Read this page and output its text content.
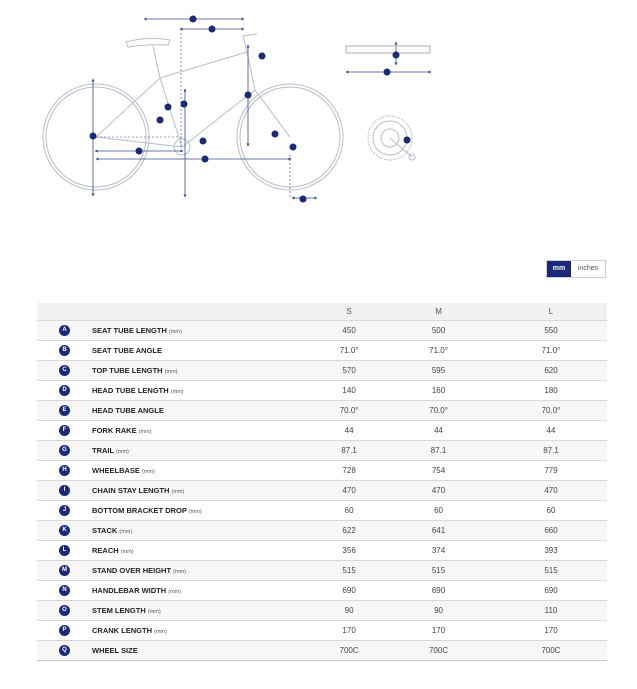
mm	inches
		S	M	L
A	SEAT TUBE LENGTH (mm)	450	500	550
B	SEAT TUBE ANGLE	71.0°	71.0°	71.0°
C	TOP TUBE LENGTH (mm)	570	595	620
D	HEAD TUBE LENGTH (mm)	140	160	180
E	HEAD TUBE ANGLE	70.0°	70.0°	70.0°
F	FORK RAKE (mm)	44	44	44
G	TRAIL (mm)	87.1	87.1	87.1
H	WHEELBASE (mm)	728	754	779
I	CHAIN STAY LENGTH (mm)	470	470	470
J	BOTTOM BRACKET DROP (mm)	60	60	60
K	STACK (mm)	622	641	660
L	REACH (mm)	356	374	393
M	STAND OVER HEIGHT (mm)	515	515	515
N	HANDLEBAR WIDTH (mm)	690	690	690
O	STEM LENGTH (mm)	90	90	110
P	CRANK LENGTH (mm)	170	170	170
Q	WHEEL SIZE	700C	700C	700C
